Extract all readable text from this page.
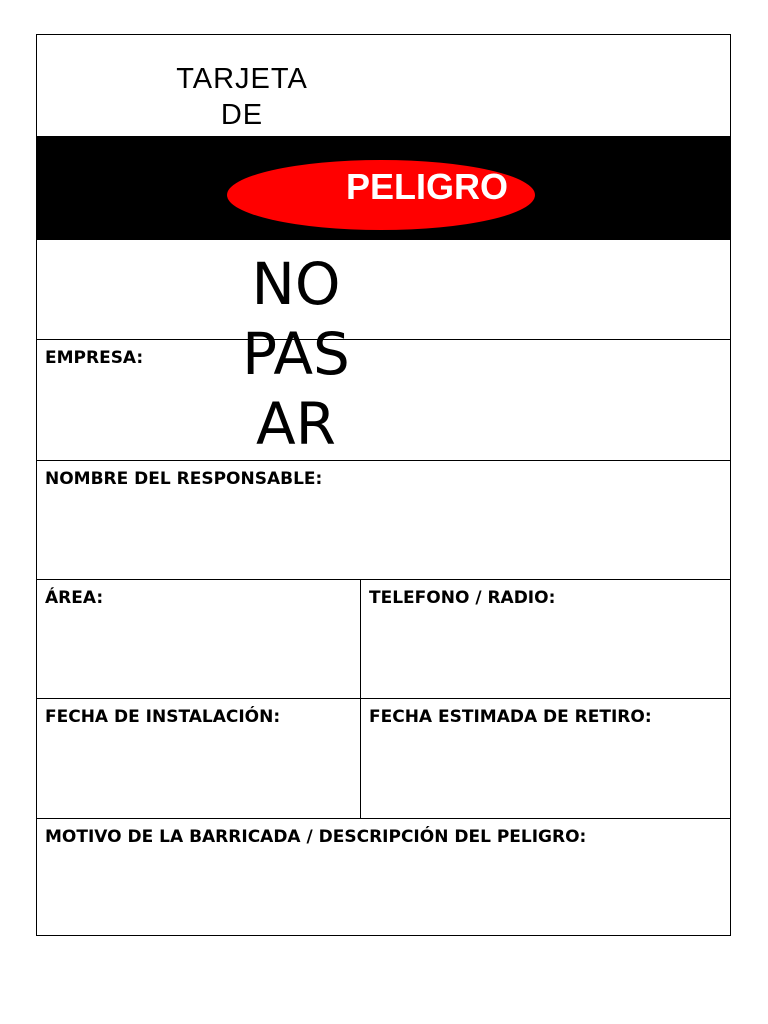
TARJETA
DE
PELIGRO
EMPRESA:
NOMBRE DEL RESPONSABLE:
ÁREA:	TELEFONO / RADIO:
FECHA DE INSTALACIÓN:	FECHA ESTIMADA DE RETIRO:
MOTIVO DE LA BARRICADA / DESCRIPCIÓN DEL PELIGRO:
NO
PAS
AR
